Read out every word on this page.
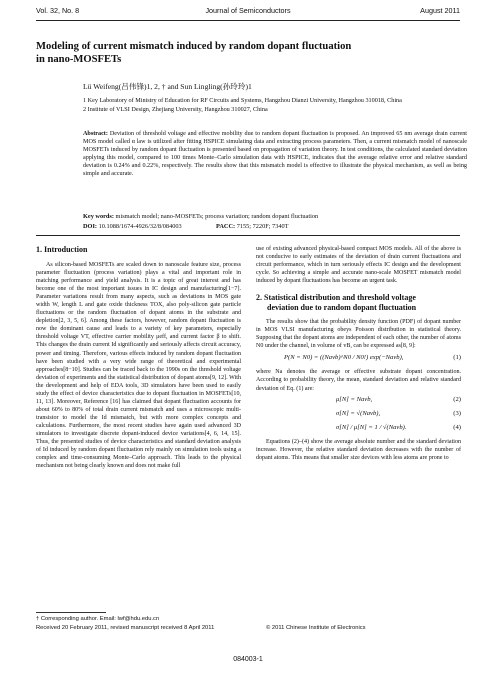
Vol. 32, No. 8	Journal of Semiconductors	August 2011
Modeling of current mismatch induced by random dopant fluctuation
in nano-MOSFETs
Lü Weifeng(吕伟锋)1, 2, † and Sun Lingling(孙玲玲)1
1 Key Laboratory of Ministry of Education for RF Circuits and Systems, Hangzhou Dianzi University, Hangzhou 310018, China
2 Institute of VLSI Design, Zhejiang University, Hangzhou 310027, China
Abstract: Deviation of threshold voltage and effective mobility due to random dopant fluctuation is proposed. An improved 65 nm average drain current MOS model called α law is utilized after fitting HSPICE simulating data and extracting process parameters. Then, a current mismatch model of nanoscale MOSFETs induced by random dopant fluctuation is presented based on propagation of variation theory. In test conditions, the calculated standard deviation applying this model, compared to 100 times Monte–Carlo simulation data with HSPICE, indicates that the average relative error and relative standard deviation is 0.24% and 0.22%, respectively. The results show that this mismatch model is effective to illustrate the physical mechanism, as well as being simple and accurate.
Key words: mismatch model; nano-MOSFETs; process variation; random dopant fluctuation
DOI: 10.1088/1674-4926/32/8/084003	PACC: 7155; 7220F; 7340T

1. Introduction

As silicon-based MOSFETs are scaled down to nanoscale feature size, process parameter fluctuation (process variation) plays a vital and important role in matching performance and yield analysis. It is a topic of great interest and has become one of the most important issues in IC design and manufacturing[1−7]. Parameter variations result from many aspects, such as deviations in MOS gate width W, length L and gate oxide thickness TOX, also poly-silicon gate particle fluctuations or the random fluctuation of dopant atoms in the substrate and depletion[2, 3, 5, 6]. Among these factors, however, random dopant fluctuation is now the dominant cause and leads to a variety of key parameters, especially threshold voltage VT, effective carrier mobility μeff, and current factor β to shift. This changes the drain current Id significantly and seriously affects circuit accuracy, power and timing. Therefore, various effects induced by random dopant fluctuation have been studied with a very wide range of theoretical and experimental approaches[8−10]. Studies can be traced back to the 1990s on the threshold voltage deviation of experiments and the statistical distribution of dopant atoms[9, 12]. With the development and help of EDA tools, 3D simulators have been used to easily study the effect of device characteristics due to dopant fluctuation in MOSFETs[10, 11, 13]. Moreover, Reference [16] has claimed that dopant fluctuation accounts for about 60% to 80% of total drain current mismatch and uses a microscopic multi-transistor to model the Id mismatch, but with more complex concepts and calculations. Furthermore, the most recent studies have again used advanced 3D simulators to investigate discrete dopant-induced device variations[4, 6, 14, 15]. Thus, the presented studies of device characteristics and standard deviation analysis of Id induced by random dopant fluctuation rely mainly on simulation tools using a complex and time-consuming Monte–Carlo approach. This leads to the physical mechanism not being clearly known and does not make full

use of existing advanced physical-based compact MOS models. All of the above is not conducive to early estimates of the deviation of drain current fluctuations and circuit performance, which in turn seriously effects IC design and the development cycle. So achieving a simple and accurate nano-scale MOSFET mismatch model induced by dopant fluctuations has become an urgent task.

2. Statistical distribution and threshold voltage

deviation due to random dopant fluctuation

The results show that the probability density function (PDF) of dopant number in MOS VLSI manufacturing obeys Poisson distribution in statistical theory. Supposing that the dopant atoms are independent of each other, the number of atoms N0 under the channel, in volume of vB, can be expressed as[8, 9]:

P(N = N0) = ((Navb)^N0 / N0!) exp(−Navb),	(1)

where Na denotes the average or effective substrate dopant concentration. According to probability theory, the mean, standard deviation and relative standard deviation of Eq. (1) are:

μ[N] = Navb,	(2)
σ[N] = √(Navb),	(3)
σ[N] / μ[N] = 1 / √(Navb).	(4)

Equations (2)–(4) show the average absolute number and the standard deviation increase. However, the relative standard deviation decreases with the number of dopant atoms. This means that smaller size devices with less atoms are prone to

† Corresponding author. Email: lwf@hdu.edu.cn
Received 20 February 2011, revised manuscript received 8 April 2011	© 2011 Chinese Institute of Electronics
084003-1
